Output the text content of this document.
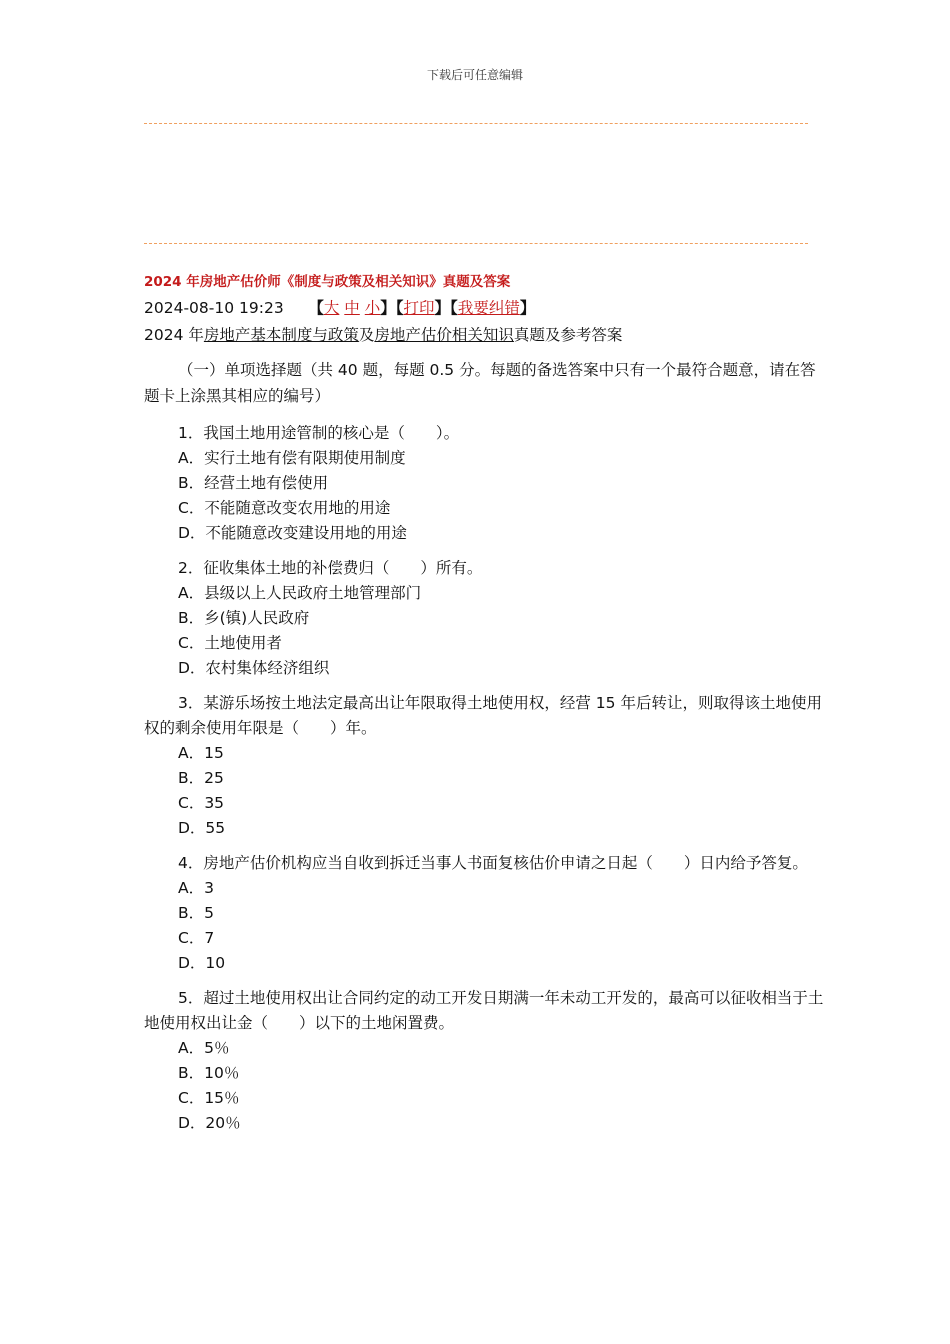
下载后可任意编辑
2024 年房地产估价师《制度与政策及相关知识》真题及答案
2024-08-10 19:23 【大 中 小】【打印】【我要纠错】
2024 年房地产基本制度与政策及房地产估价相关知识真题及参考答案
（一）单项选择题（共 40 题，每题 0.5 分。每题的备选答案中只有一个最符合题意，请在答题卡上涂黑其相应的编号）
1．我国土地用途管制的核心是（　　）。
A．实行土地有偿有限期使用制度
B．经营土地有偿使用
C．不能随意改变农用地的用途
D．不能随意改变建设用地的用途
2．征收集体土地的补偿费归（　　）所有。
A．县级以上人民政府土地管理部门
B．乡(镇)人民政府
C．土地使用者
D．农村集体经济组织
3．某游乐场按土地法定最高出让年限取得土地使用权，经营 15 年后转让，则取得该土地使用权的剩余使用年限是（　　）年。
A．15
B．25
C．35
D．55
4．房地产估价机构应当自收到拆迁当事人书面复核估价申请之日起（　　）日内给予答复。
A．3
B．5
C．7
D．10
5．超过土地使用权出让合同约定的动工开发日期满一年未动工开发的，最高可以征收相当于土地使用权出让金（　　）以下的土地闲置费。
A．5％
B．10％
C．15％
D．20％
